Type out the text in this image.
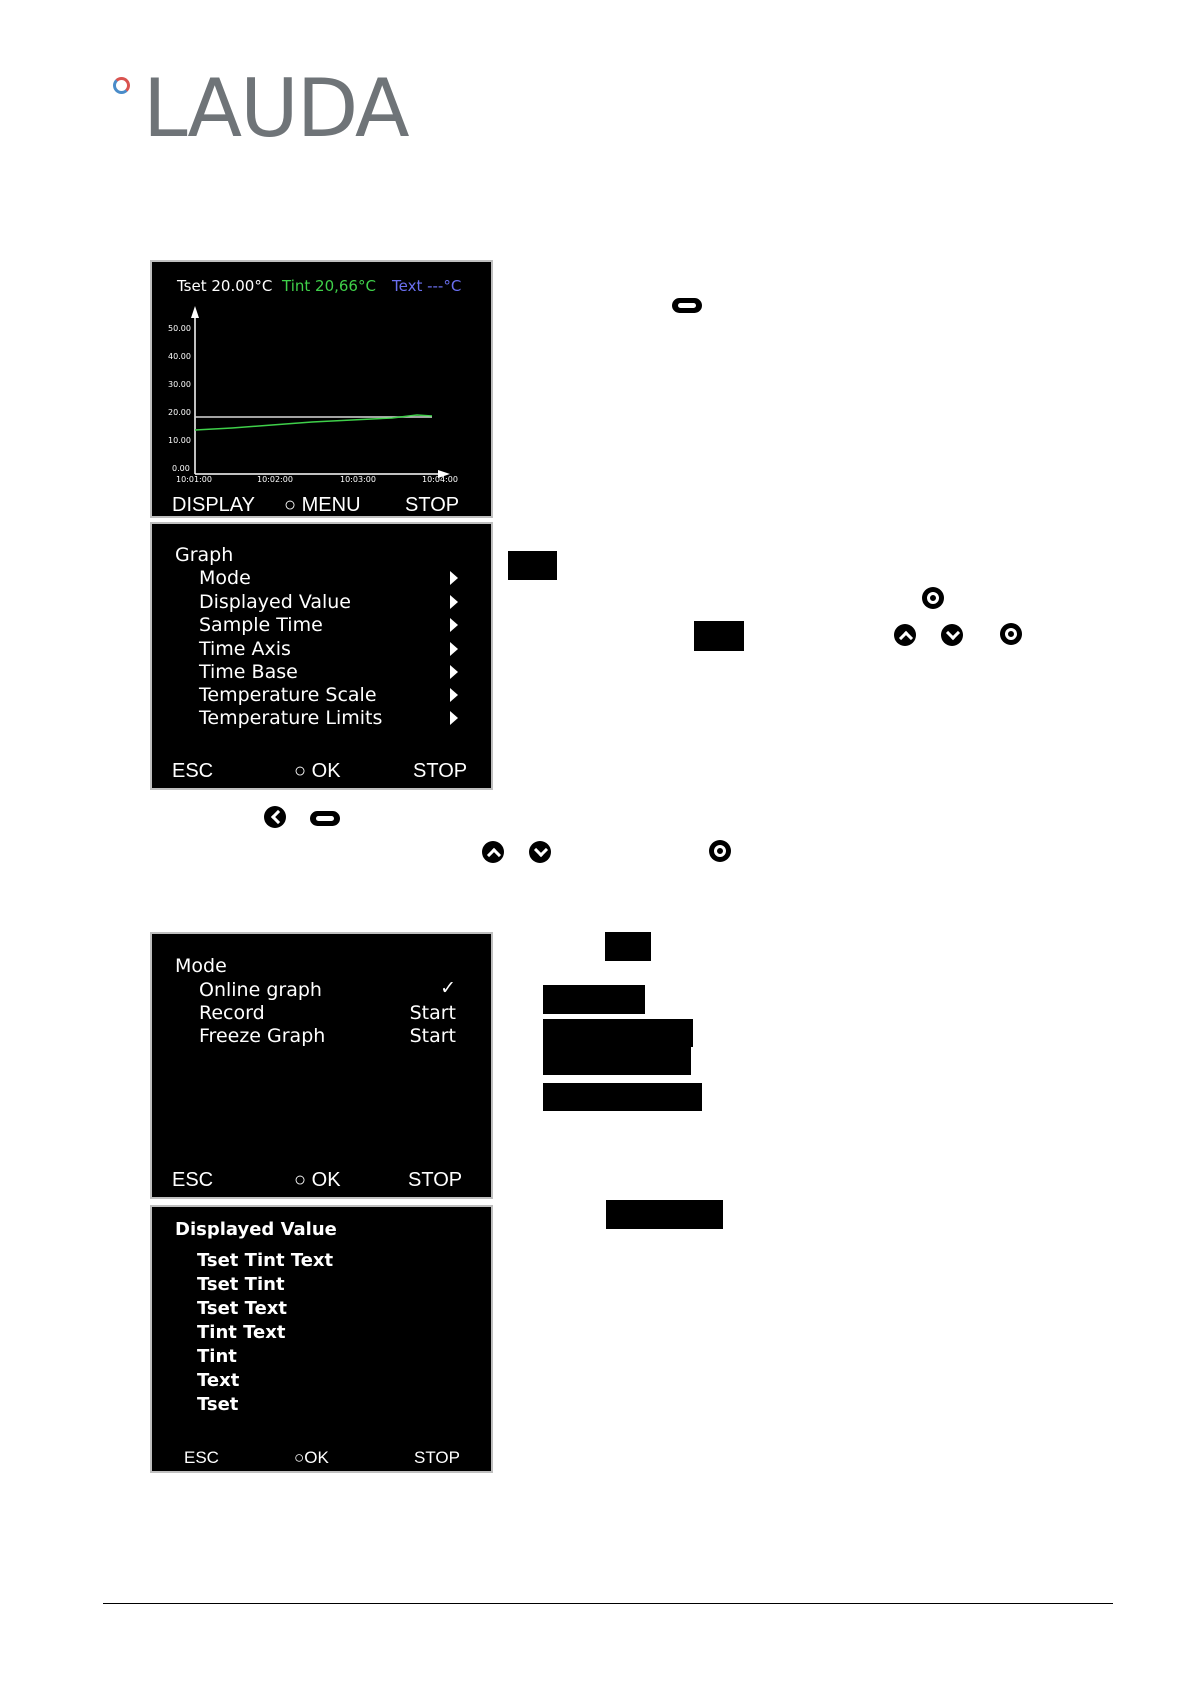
LAUDA
Tset 20.00°C Tint 20,66°C Text ---°C
50.00
40.00
30.00
20.00
10.00
0.00
10:01:00	10:02:00	10:03:00	10:04:00
DISPLAY ○ MENU STOP
Graph
Mode
Displayed Value
Sample Time
Time Axis
Time Base
Temperature Scale
Temperature Limits
ESC	○ OK	STOP
Mode
Online graph	✓
Record	Start
Freeze Graph	Start
ESC	○ OK	STOP
Displayed Value
Tset Tint Text
Tset Tint
Tset Text
Tint Text
Tint
Text
Tset
ESC	○OK	STOP
